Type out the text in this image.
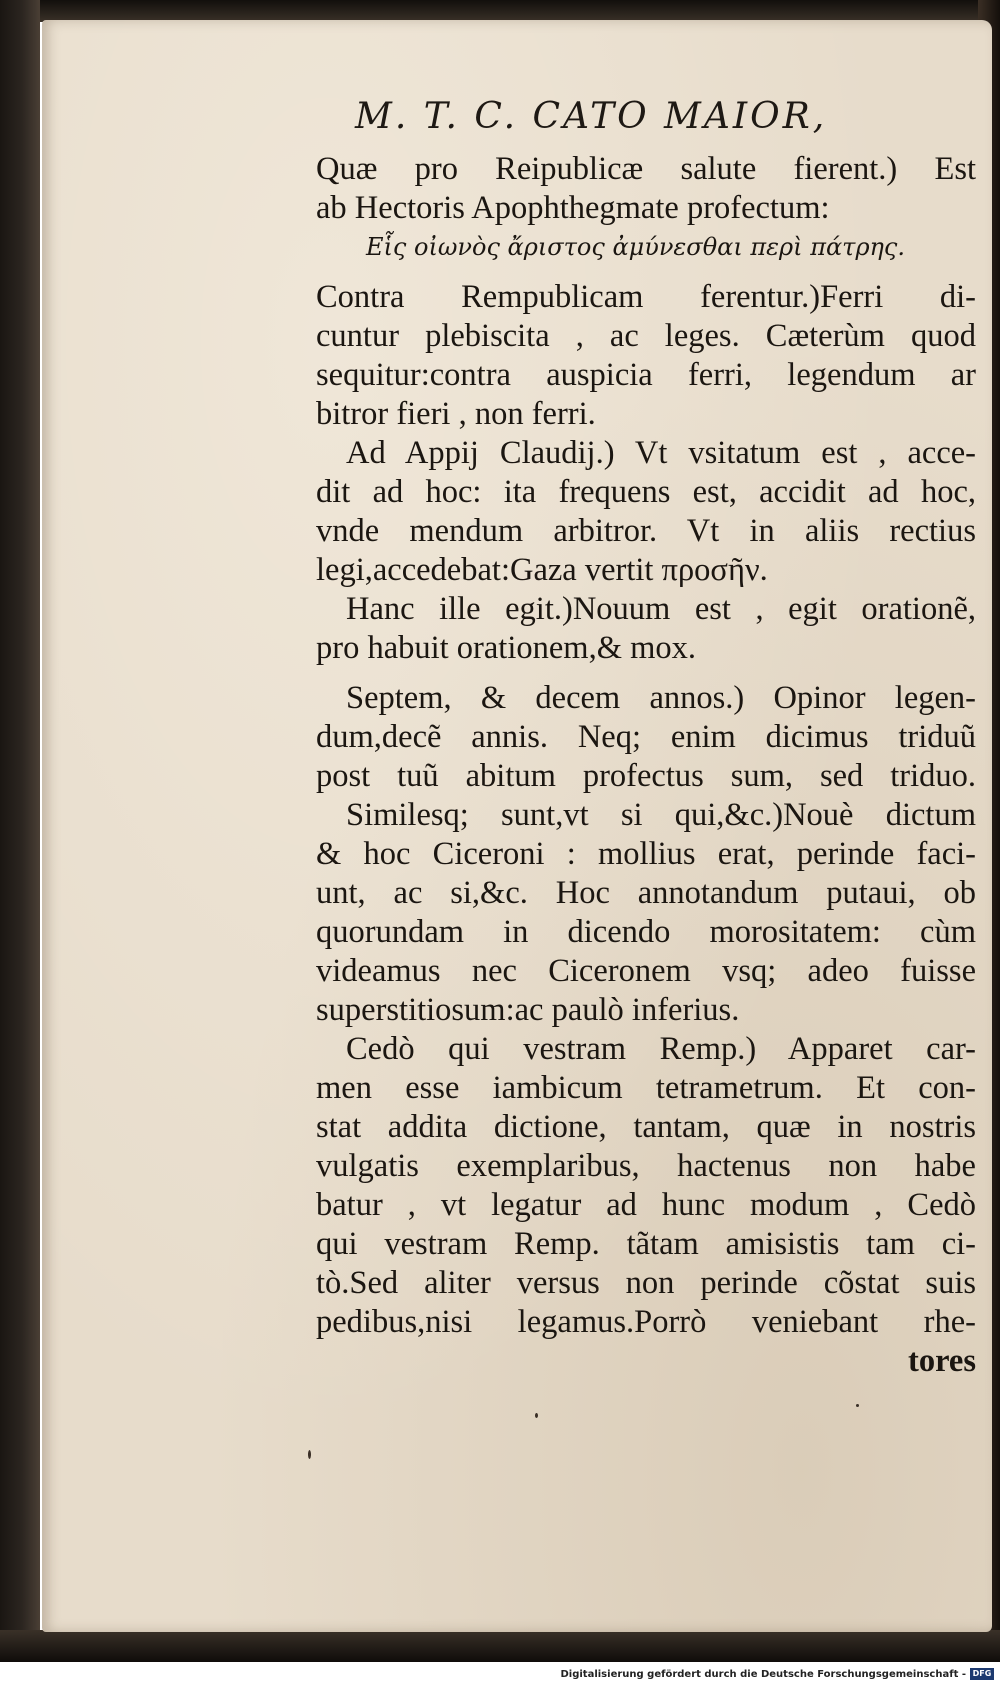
M. T. C. CATO MAIOR,
Quæ pro Reipublicæ salute fierent.) Est
ab Hectoris Apophthegmate profectum:
Εἷς οἰωνὸς ἄριστος ἀμύνεσθαι περὶ πάτρης.
Contra Rempublicam ferentur.)Ferri di-
cuntur plebiscita , ac leges. Cæterùm quod
sequitur:contra auspicia ferri, legendum ar
bitror fieri , non ferri.
Ad Appij Claudij.) Vt vsitatum est , acce-
dit ad hoc: ita frequens est, accidit ad hoc,
vnde mendum arbitror. Vt in aliis rectius
legi,accedebat:Gaza vertit προσῆν.
Hanc ille egit.)Nouum est , egit orationẽ,
pro habuit orationem,& mox.
Septem, & decem annos.) Opinor legen-
dum,decẽ annis. Neq; enim dicimus triduũ
post tuũ abitum profectus sum, sed triduo.
Similesq; sunt,vt si qui,&c.)Nouè dictum
& hoc Ciceroni : mollius erat, perinde faci-
unt, ac si,&c. Hoc annotandum putaui, ob
quorundam in dicendo morositatem: cùm
videamus nec Ciceronem vsq; adeo fuisse
superstitiosum:ac paulò inferius.
Cedò qui vestram Remp.) Apparet car-
men esse iambicum tetrametrum. Et con-
stat addita dictione, tantam, quæ in nostris
vulgatis exemplaribus, hactenus non habe
batur , vt legatur ad hunc modum , Cedò
qui vestram Remp. tãtam amisistis tam ci-
tò.Sed aliter versus non perinde cõstat suis
pedibus,nisi legamus.Porrò veniebant rhe-
tores
Digitalisierung gefördert durch die Deutsche Forschungsgemeinschaft - DFG
